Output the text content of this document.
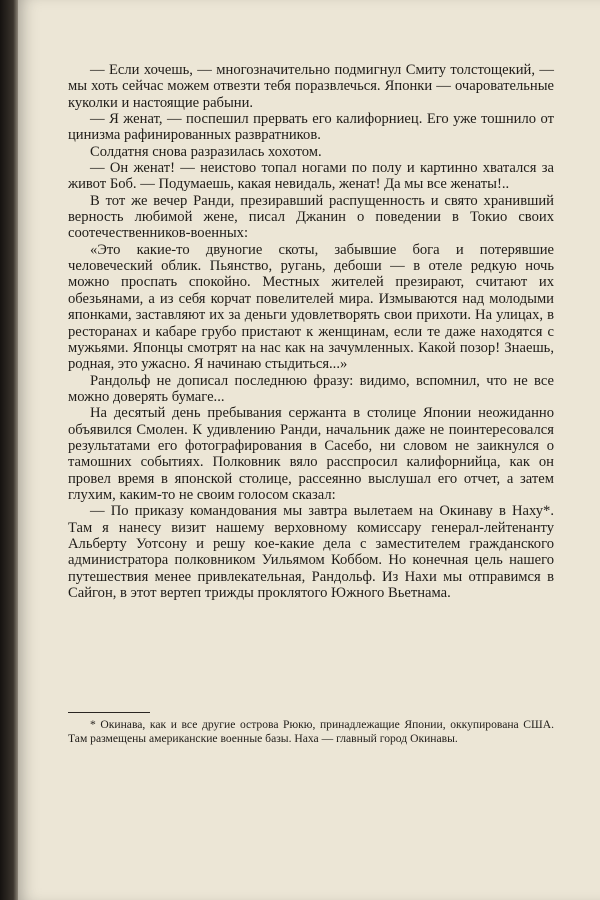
— Если хочешь, — многозначительно подмигнул Смиту толстощекий, — мы хоть сейчас можем отвезти тебя поразвлечься. Японки — очаровательные куколки и настоящие рабыни.

— Я женат, — поспешил прервать его калифорниец. Его уже тошнило от цинизма рафинированных развратников.

Солдатня снова разразилась хохотом.

— Он женат! — неистово топал ногами по полу и картинно хватался за живот Боб. — Подумаешь, какая невидаль, женат! Да мы все женаты!..

В тот же вечер Ранди, презиравший распущенность и свято хранивший верность любимой жене, писал Джанин о поведении в Токио своих соотечественников-военных:

«Это какие-то двуногие скоты, забывшие бога и потерявшие человеческий облик. Пьянство, ругань, дебоши — в отеле редкую ночь можно проспать спокойно. Местных жителей презирают, считают их обезьянами, а из себя корчат повелителей мира. Измываются над молодыми японками, заставляют их за деньги удовлетворять свои прихоти. На улицах, в ресторанах и кабаре грубо пристают к женщинам, если те даже находятся с мужьями. Японцы смотрят на нас как на зачумленных. Какой позор! Знаешь, родная, это ужасно. Я начинаю стыдиться...»

Рандольф не дописал последнюю фразу: видимо, вспомнил, что не все можно доверять бумаге...

На десятый день пребывания сержанта в столице Японии неожиданно объявился Смолен. К удивлению Ранди, начальник даже не поинтересовался результатами его фотографирования в Сасебо, ни словом не заикнулся о тамошних событиях. Полковник вяло расспросил калифорнийца, как он провел время в японской столице, рассеянно выслушал его отчет, а затем глухим, каким-то не своим голосом сказал:

— По приказу командования мы завтра вылетаем на Окинаву в Наху*. Там я нанесу визит нашему верховному комиссару генерал-лейтенанту Альберту Уотсону и решу кое-какие дела с заместителем гражданского администратора полковником Уильямом Коббом. Но конечная цель нашего путешествия менее привлекательная, Рандольф. Из Нахи мы отправимся в Сайгон, в этот вертеп трижды проклятого Южного Вьетнама.

* Окинава, как и все другие острова Рюкю, принадлежащие Японии, оккупирована США. Там размещены американские военные базы. Наха — главный город Окинавы.
